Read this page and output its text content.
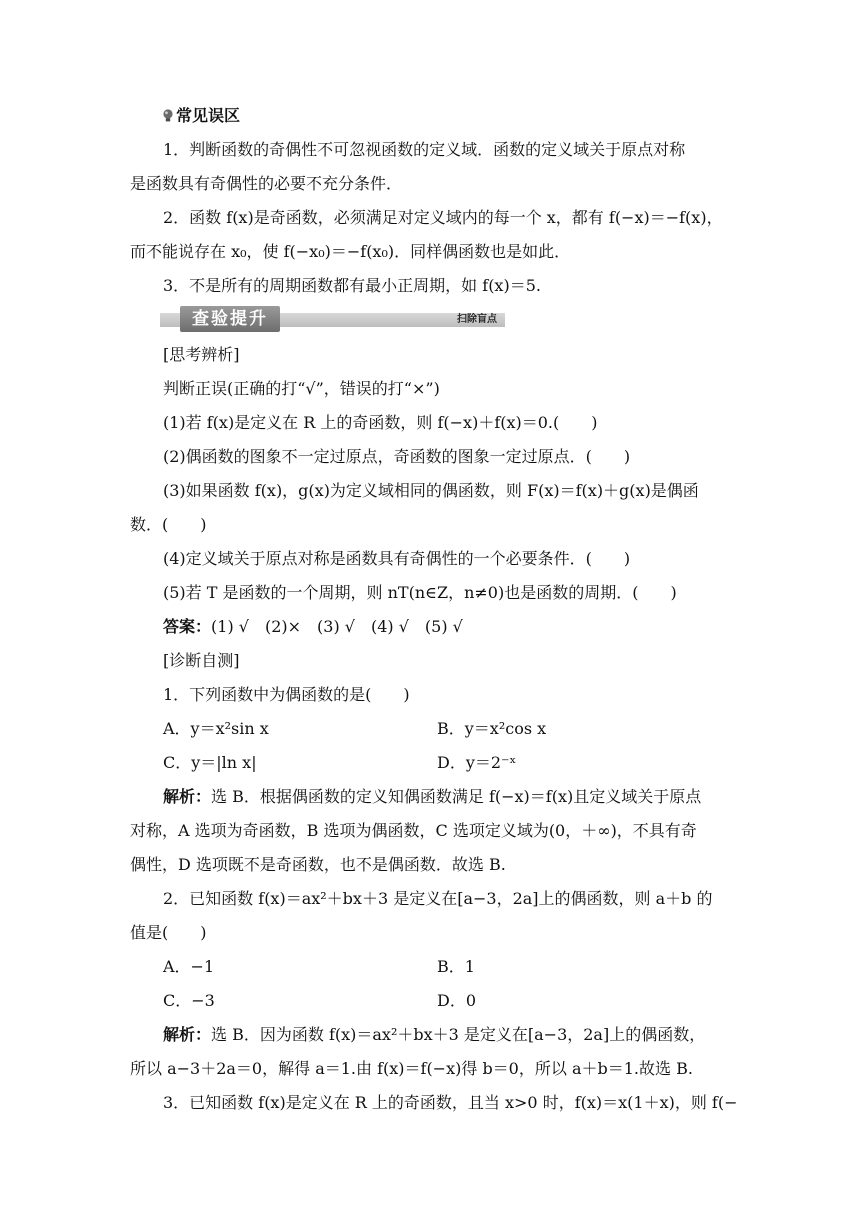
常见误区
1．判断函数的奇偶性不可忽视函数的定义域．函数的定义域关于原点对称
是函数具有奇偶性的必要不充分条件．
2．函数 f(x)是奇函数，必须满足对定义域内的每一个 x，都有 f(−x)＝−f(x)，
而不能说存在 x₀，使 f(−x₀)＝−f(x₀)．同样偶函数也是如此．
3．不是所有的周期函数都有最小正周期，如 f(x)＝5.
查验提升	扫除盲点
[思考辨析]
判断正误(正确的打“√”，错误的打“×”)
(1)若 f(x)是定义在 R 上的奇函数，则 f(−x)＋f(x)＝0.(　　)
(2)偶函数的图象不一定过原点，奇函数的图象一定过原点．(　　)
(3)如果函数 f(x)，g(x)为定义域相同的偶函数，则 F(x)＝f(x)＋g(x)是偶函
数．(　　)
(4)定义域关于原点对称是函数具有奇偶性的一个必要条件．(　　)
(5)若 T 是函数的一个周期，则 nT(n∈Z，n≠0)也是函数的周期．(　　)
答案：(1) √　(2)×　(3) √　(4) √　(5) √
[诊断自测]
1．下列函数中为偶函数的是(　　)
A．y＝x²sin x	B．y＝x²cos x
C．y＝|ln x|	D．y＝2⁻ˣ
解析：选 B．根据偶函数的定义知偶函数满足 f(−x)＝f(x)且定义域关于原点
对称，A 选项为奇函数，B 选项为偶函数，C 选项定义域为(0，＋∞)，不具有奇
偶性，D 选项既不是奇函数，也不是偶函数．故选 B.
2．已知函数 f(x)＝ax²＋bx＋3 是定义在[a−3，2a]上的偶函数，则 a＋b 的
值是(　　)
A．−1	B．1
C．−3	D．0
解析：选 B．因为函数 f(x)＝ax²＋bx＋3 是定义在[a−3，2a]上的偶函数，
所以 a−3＋2a＝0，解得 a＝1.由 f(x)＝f(−x)得 b＝0，所以 a＋b＝1.故选 B.
3．已知函数 f(x)是定义在 R 上的奇函数，且当 x>0 时，f(x)＝x(1＋x)，则 f(−
